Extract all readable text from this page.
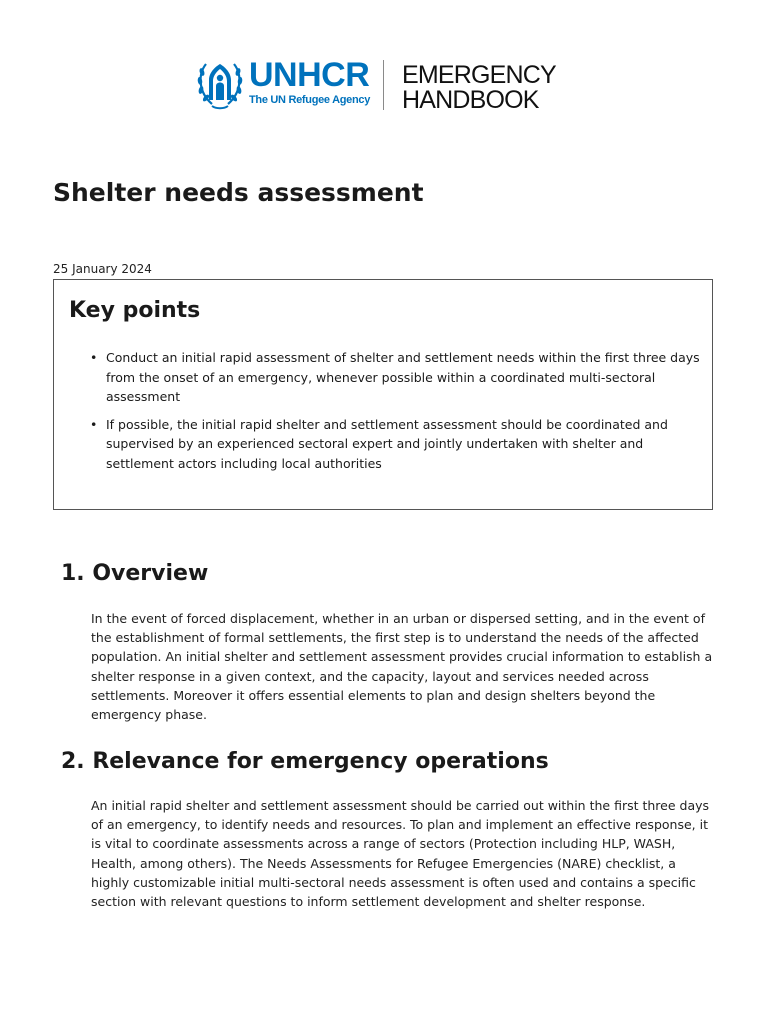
UNHCR
The UN Refugee Agency
EMERGENCY
HANDBOOK
Shelter needs assessment
25 January 2024
Key points
• Conduct an initial rapid assessment of shelter and settlement needs within the first three days from the onset of an emergency, whenever possible within a coordinated multi-sectoral assessment
• If possible, the initial rapid shelter and settlement assessment should be coordinated and supervised by an experienced sectoral expert and jointly undertaken with shelter and settlement actors including local authorities
1. Overview

In the event of forced displacement, whether in an urban or dispersed setting, and in the event of the establishment of formal settlements, the first step is to understand the needs of the affected population. An initial shelter and settlement assessment provides crucial information to establish a shelter response in a given context, and the capacity, layout and services needed across settlements. Moreover it offers essential elements to plan and design shelters beyond the emergency phase.

2. Relevance for emergency operations

An initial rapid shelter and settlement assessment should be carried out within the first three days of an emergency, to identify needs and resources. To plan and implement an effective response, it is vital to coordinate assessments across a range of sectors (Protection including HLP, WASH, Health, among others). The Needs Assessments for Refugee Emergencies (NARE) checklist, a highly customizable initial multi-sectoral needs assessment is often used and contains a specific section with relevant questions to inform settlement development and shelter response.
